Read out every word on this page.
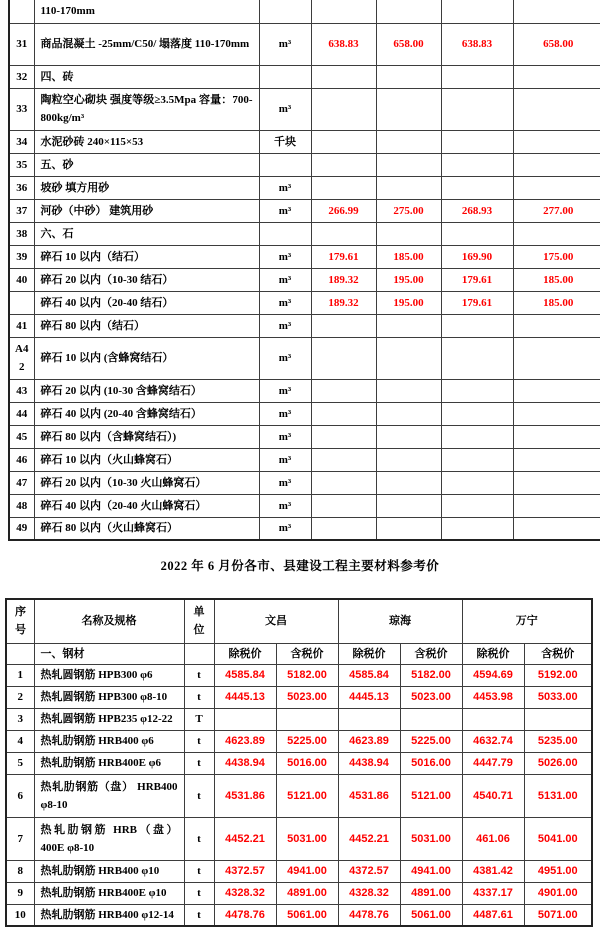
	110-170mm					
31	商品混凝土 -25mm/C50/ 塌落度 110-170mm	m³	638.83	658.00	638.83	658.00
32	四、砖					
33	陶粒空心砌块 强度等级≥3.5Mpa 容量：700-800kg/m³	m³				
34	水泥砂砖 240×115×53	千块				
35	五、砂					
36	坡砂 填方用砂	m³				
37	河砂（中砂） 建筑用砂	m³	266.99	275.00	268.93	277.00
38	六、石					
39	碎石 10 以内（结石）	m³	179.61	185.00	169.90	175.00
40	碎石 20 以内（10-30 结石）	m³	189.32	195.00	179.61	185.00
	碎石 40 以内（20-40 结石）	m³	189.32	195.00	179.61	185.00
41	碎石 80 以内（结石）	m³				
A42	碎石 10 以内 (含蜂窝结石）	m³				
43	碎石 20 以内 (10-30 含蜂窝结石）	m³				
44	碎石 40 以内 (20-40 含蜂窝结石）	m³				
45	碎石 80 以内（含蜂窝结石）)	m³				
46	碎石 10 以内（火山蜂窝石）	m³				
47	碎石 20 以内（10-30 火山蜂窝石）	m³				
48	碎石 40 以内（20-40 火山蜂窝石）	m³				
49	碎石 80 以内（火山蜂窝石）	m³				
2022 年 6 月份各市、县建设工程主要材料参考价
序号	名称及规格	单位	文昌		琼海		万宁	
	一、钢材		除税价	含税价	除税价	含税价	除税价	含税价
1	热轧圆钢筋 HPB300 φ6	t	4585.84	5182.00	4585.84	5182.00	4594.69	5192.00
2	热轧圆钢筋 HPB300 φ8-10	t	4445.13	5023.00	4445.13	5023.00	4453.98	5033.00
3	热轧圆钢筋 HPB235 φ12-22	T						
4	热轧肋钢筋 HRB400 φ6	t	4623.89	5225.00	4623.89	5225.00	4632.74	5235.00
5	热轧肋钢筋 HRB400E φ6	t	4438.94	5016.00	4438.94	5016.00	4447.79	5026.00
6	热轧肋钢筋（盘） HRB400 φ8-10	t	4531.86	5121.00	4531.86	5121.00	4540.71	5131.00
7	热轧肋钢筋 HRB（盘）400E φ8-10	t	4452.21	5031.00	4452.21	5031.00	461.06	5041.00
8	热轧肋钢筋 HRB400 φ10	t	4372.57	4941.00	4372.57	4941.00	4381.42	4951.00
9	热轧肋钢筋 HRB400E φ10	t	4328.32	4891.00	4328.32	4891.00	4337.17	4901.00
10	热轧肋钢筋 HRB400 φ12-14	t	4478.76	5061.00	4478.76	5061.00	4487.61	5071.00
